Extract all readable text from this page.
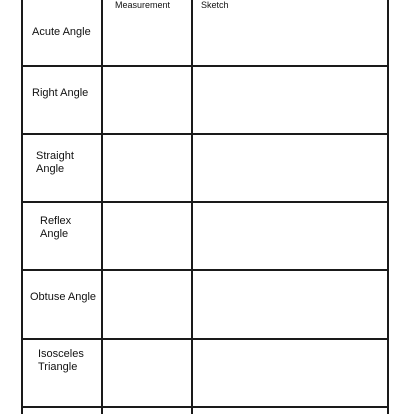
Measurement	Sketch
Acute Angle
Right Angle
Straight
Angle
Reflex
Angle
Obtuse Angle
Isosceles
Triangle
